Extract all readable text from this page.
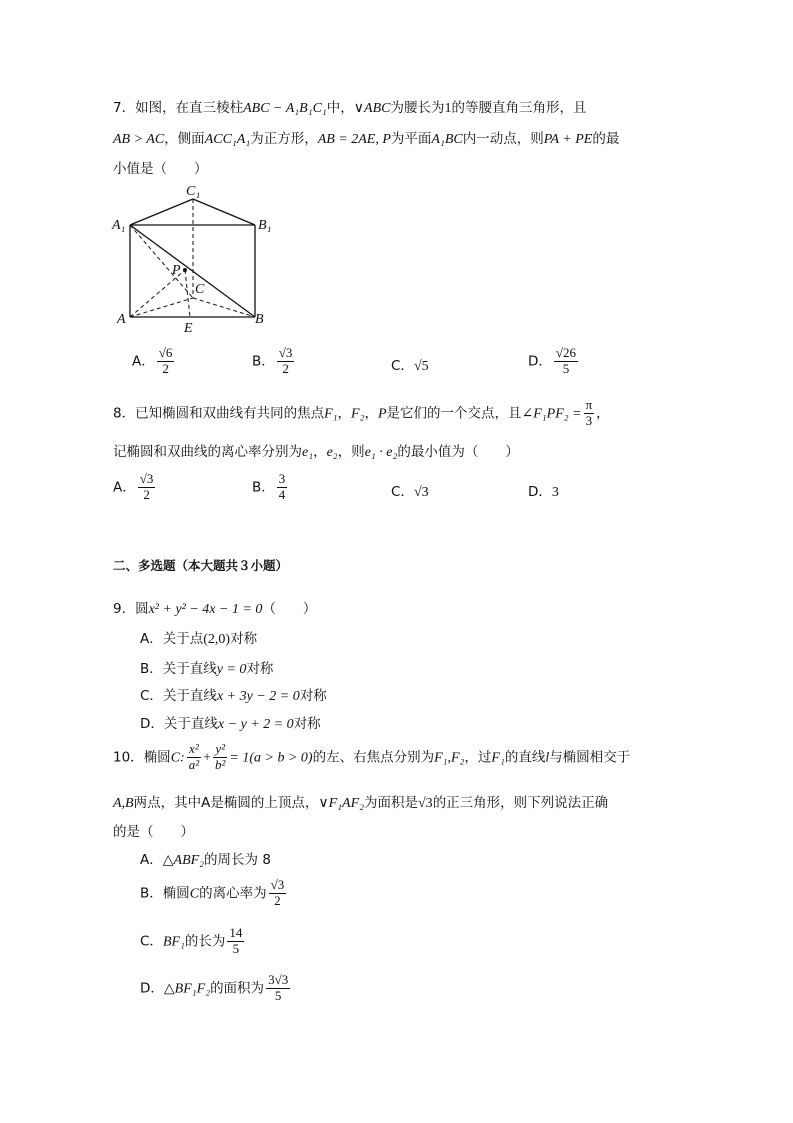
7．如图，在直三棱柱ABC − A₁B₁C₁中，∨ABC为腰长为1的等腰直角三角形，且
AB > AC，侧面ACC₁A₁为正方形，AB = 2AE, P为平面A₁BC内一动点，则PA + PE的最
小值是（　　）
C₁
A₁	B₁
P
C
A
E
B
A． $\frac{√6}{2}$	B． $\frac{√3}{2}$	C．√5	D． $\frac{√26}{5}$
8．已知椭圆和双曲线有共同的焦点F₁，F₂，P是它们的一个交点，且∠F₁PF₂ = $\frac{\pi}{3}$ ，
记椭圆和双曲线的离心率分别为e₁，e₂，则e₁ · e₂的最小值为（　　）
A． $\frac{√3}{2}$	B． $\frac{3}{4}$	C．√3	D．3
二、多选题（本大题共３小题）
9．圆x² + y² − 4x − 1 = 0（　　）
A．关于点(2,0)对称
B．关于直线y = 0对称
C．关于直线x + 3y − 2 = 0对称
D．关于直线x − y + 2 = 0对称
10．椭圆C: $\frac{\text{x²}}{\text{a²}} + \frac{\text{y²}}{\text{b²}} = 1(a > b > 0)$的左、右焦点分别为F₁,F₂，过F₁的直线l与椭圆相交于
A,B两点，其中A是椭圆的上顶点，∨F₁AF₂为面积是√3的正三角形，则下列说法正确
的是（　　）
A．△ABF₂的周长为 8
B．椭圆C的离心率为 $\frac{√3}{2}$
C．BF₁的长为 $\frac{14}{5}$
D．△BF₁F₂的面积为 $\frac{3√3}{5}$
